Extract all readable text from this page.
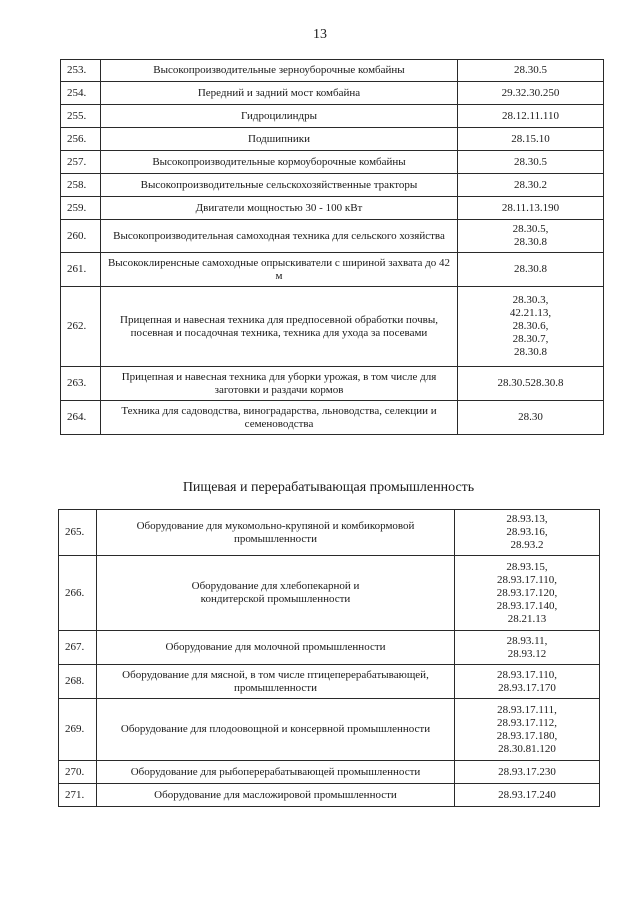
13
253.	Высокопроизводительные зерноуборочные комбайны	28.30.5
254.	Передний и задний мост комбайна	29.32.30.250
255.	Гидроцилиндры	28.12.11.110
256.	Подшипники	28.15.10
257.	Высокопроизводительные кормоуборочные комбайны	28.30.5
258.	Высокопроизводительные сельскохозяйственные тракторы	28.30.2
259.	Двигатели мощностью 30 - 100 кВт	28.11.13.190
260.	Высокопроизводительная самоходная техника для сельского хозяйства	28.30.5,
28.30.8
261.	Высококлиренсные самоходные опрыскиватели с шириной захвата до 42 м	28.30.8
262.	Прицепная и навесная техника для предпосевной обработки почвы, посевная и посадочная техника, техника для ухода за посевами	28.30.3,
42.21.13,
28.30.6,
28.30.7,
28.30.8
263.	Прицепная и навесная техника для уборки урожая, в том числе для заготовки и раздачи кормов	28.30.528.30.8
264.	Техника для садоводства, виноградарства, льноводства, селекции и семеноводства	28.30
Пищевая и перерабатывающая промышленность
265.	Оборудование для мукомольно-крупяной и комбикормовой промышленности	28.93.13,
28.93.16,
28.93.2
266.	Оборудование для хлебопекарной и
кондитерской промышленности	28.93.15,
28.93.17.110,
28.93.17.120,
28.93.17.140,
28.21.13
267.	Оборудование для молочной промышленности	28.93.11,
28.93.12
268.	Оборудование для мясной, в том числе птицеперерабатывающей, промышленности	28.93.17.110,
28.93.17.170
269.	Оборудование для плодоовощной и консервной промышленности	28.93.17.111,
28.93.17.112,
28.93.17.180,
28.30.81.120
270.	Оборудование для рыбоперерабатывающей промышленности	28.93.17.230
271.	Оборудование для масложировой промышленности	28.93.17.240
